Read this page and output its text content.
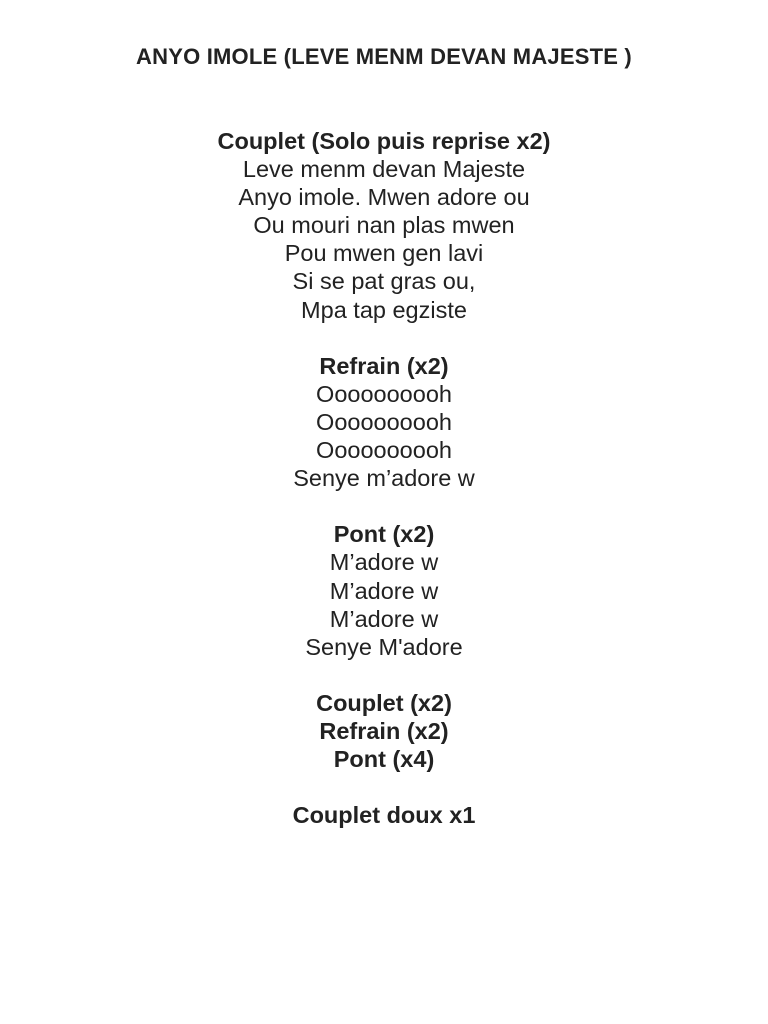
ANYO IMOLE (LEVE MENM DEVAN MAJESTE )
Couplet (Solo puis reprise x2)
Leve menm devan Majeste
Anyo imole. Mwen adore ou
Ou mouri nan plas mwen
Pou mwen gen lavi
Si se pat gras ou,
Mpa tap egziste
Refrain (x2)
Oooooooooh
Oooooooooh
Oooooooooh
Senye m’adore w
Pont (x2)
M’adore w
M’adore w
M’adore w
Senye M'adore
Couplet (x2)
Refrain (x2)
Pont (x4)
Couplet doux x1
